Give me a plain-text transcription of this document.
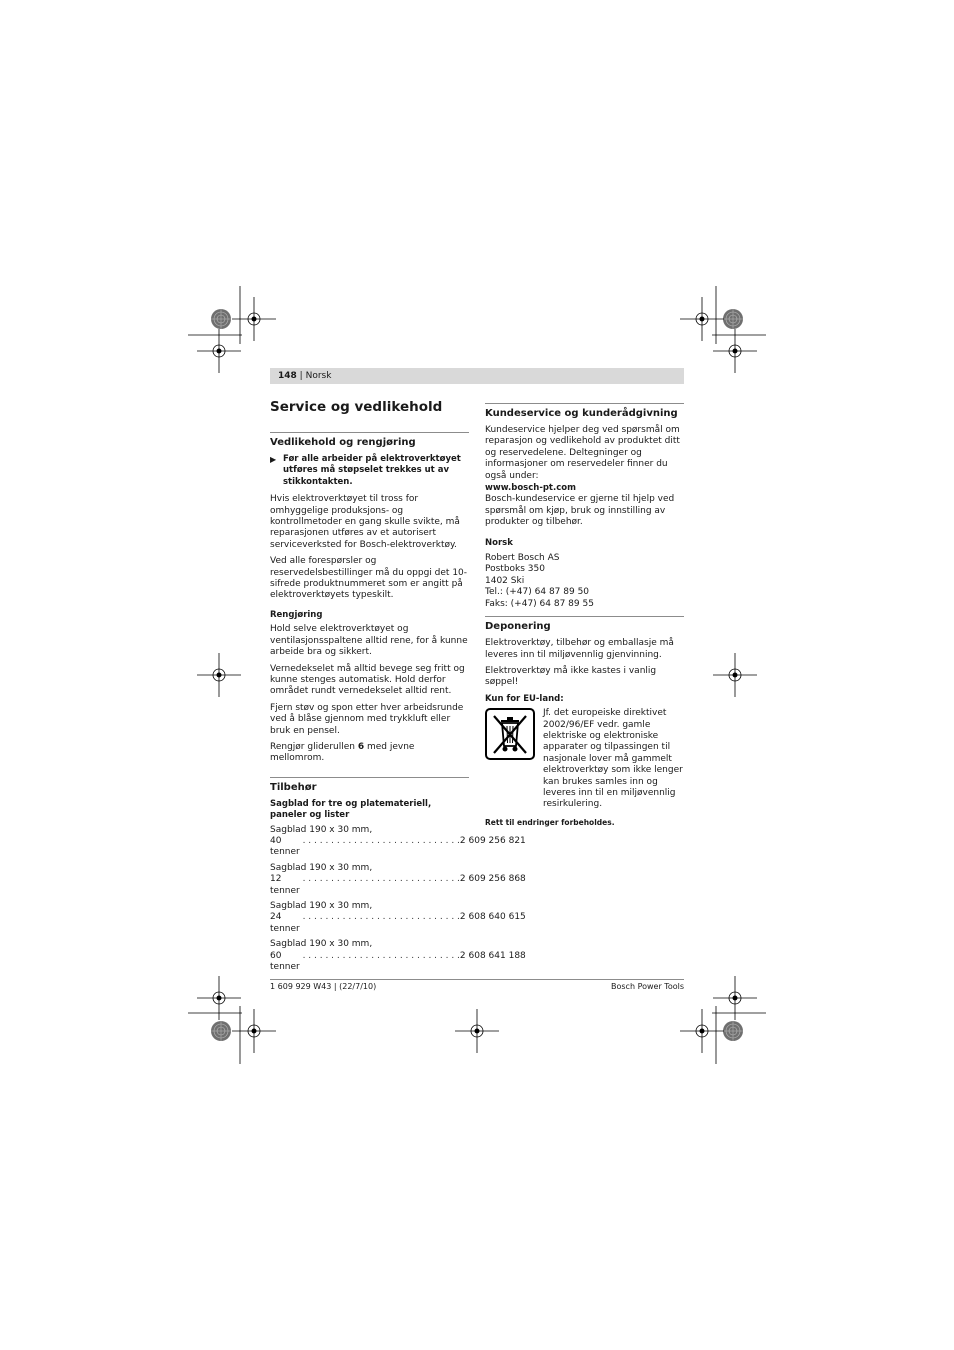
148 | Norsk
Service og vedlikehold
Vedlikehold og rengjøring
▶ Før alle arbeider på elektroverktøyet utføres må støpselet trekkes ut av stikkontakten.

Hvis elektroverktøyet til tross for omhyggelige produksjons- og kontrollmetoder en gang skulle svikte, må reparasjonen utføres av et autorisert serviceverksted for Bosch-elektroverktøy.

Ved alle forespørsler og reservedelsbestillinger må du oppgi det 10-sifrede produktnummeret som er angitt på elektroverktøyets typeskilt.

Rengjøring

Hold selve elektroverktøyet og ventilasjonsspaltene alltid rene, for å kunne arbeide bra og sikkert.

Vernedekselet må alltid bevege seg fritt og kunne stenges automatisk. Hold derfor området rundt vernedekselet alltid rent.

Fjern støv og spon etter hver arbeidsrunde ved å blåse gjennom med trykkluft eller bruk en pensel.

Rengjør gliderullen 6 med jevne mellomrom.

Tilbehør
Sagblad for tre og platemateriell, paneler og lister
Sagblad 190 x 30 mm,
40 tenner
. . . . . . . . . . . . . . . . . . . . . . . . . . . . 2 609 256 821
Sagblad 190 x 30 mm,
12 tenner
. . . . . . . . . . . . . . . . . . . . . . . . . . . . 2 609 256 868
Sagblad 190 x 30 mm,
24 tenner
. . . . . . . . . . . . . . . . . . . . . . . . . . . . 2 608 640 615
Sagblad 190 x 30 mm,
60 tenner
. . . . . . . . . . . . . . . . . . . . . . . . . . . . 2 608 641 188
Kundeservice og kunderådgivning

Kundeservice hjelper deg ved spørsmål om reparasjon og vedlikehold av produktet ditt og reservedelene. Deltegninger og informasjoner om reservedeler finner du også under:

www.bosch-pt.com

Bosch-kundeservice er gjerne til hjelp ved spørsmål om kjøp, bruk og innstilling av produkter og tilbehør.

Norsk

Robert Bosch AS

Postboks 350

1402 Ski

Tel.: (+47) 64 87 89 50

Faks: (+47) 64 87 89 55

Deponering

Elektroverktøy, tilbehør og emballasje må leveres inn til miljøvennlig gjenvinning.

Elektroverktøy må ikke kastes i vanlig søppel!

Kun for EU-land:
Jf. det europeiske direktivet 2002/96/EF vedr. gamle elektriske og elektroniske apparater og tilpassingen til nasjonale lover må gammelt elektroverktøy som ikke lenger kan brukes samles inn og leveres inn til en miljøvennlig resirkulering.
Rett til endringer forbeholdes.
1 609 929 W43 | (22/7/10)	Bosch Power Tools
